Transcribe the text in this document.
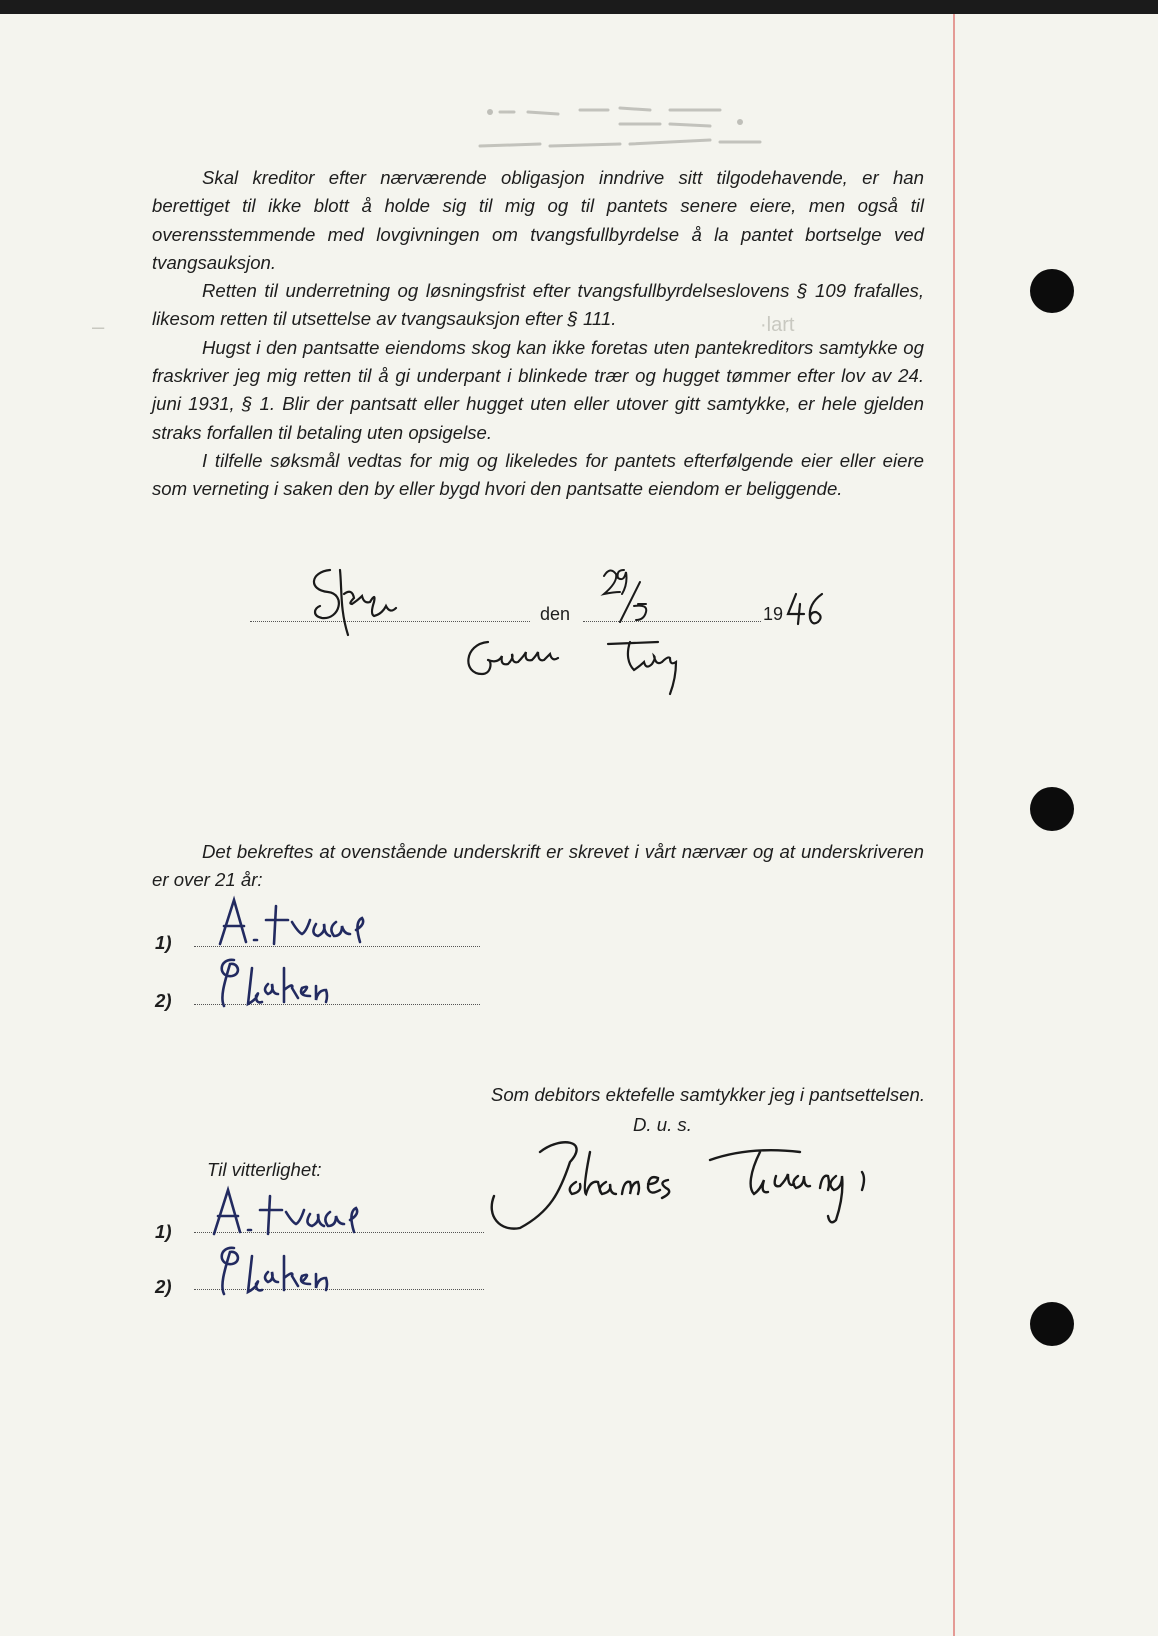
–	·lart

Skal kreditor efter nærværende obligasjon inndrive sitt tilgodehavende, er han berettiget til ikke blott å holde sig til mig og til pantets senere eiere, men også til overensstemmende med lovgivningen om tvangsfullbyrdelse å la pantet bortselge ved tvangsauksjon.

Retten til underretning og løsningsfrist efter tvangsfullbyrdelseslovens § 109 frafalles, likesom retten til utsettelse av tvangsauksjon efter § 111.

Hugst i den pantsatte eiendoms skog kan ikke foretas uten pantekreditors samtykke og fraskriver jeg mig retten til å gi underpant i blinkede trær og hugget tømmer efter lov av 24. juni 1931, § 1. Blir der pantsatt eller hugget uten eller utover gitt samtykke, er hele gjelden straks forfallen til betaling uten opsigelse.

I tilfelle søksmål vedtas for mig og likeledes for pantets efterfølgende eier eller eiere som verneting i saken den by eller bygd hvori den pantsatte eiendom er beliggende.

den	19

Det bekreftes at ovenstående underskrift er skrevet i vårt nærvær og at underskriveren er over 21 år:

1)
2)
Som debitors ektefelle samtykker jeg i pantsettelsen.
D. u. s.
Til vitterlighet:
1)
2)
